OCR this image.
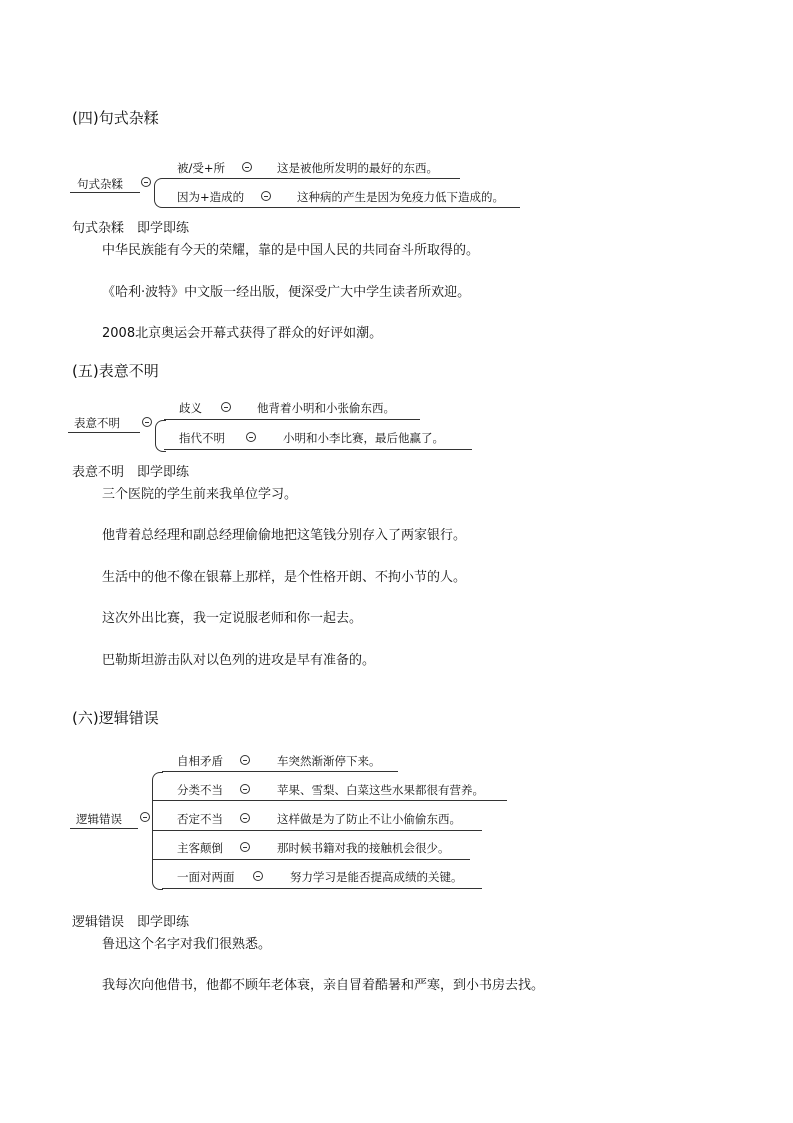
(四)句式杂糅
句式杂糅
被/受+所	这是被他所发明的最好的东西。
因为+造成的	这种病的产生是因为免疫力低下造成的。
句式杂糅　即学即练
中华民族能有今天的荣耀，靠的是中国人民的共同奋斗所取得的。
《哈利·波特》中文版一经出版，便深受广大中学生读者所欢迎。
2008北京奥运会开幕式获得了群众的好评如潮。
(五)表意不明
表意不明
歧义	他背着小明和小张偷东西。
指代不明	小明和小李比赛，最后他赢了。
表意不明　即学即练
三个医院的学生前来我单位学习。
他背着总经理和副总经理偷偷地把这笔钱分别存入了两家银行。
生活中的他不像在银幕上那样，是个性格开朗、不拘小节的人。
这次外出比赛，我一定说服老师和你一起去。
巴勒斯坦游击队对以色列的进攻是早有准备的。
(六)逻辑错误
逻辑错误
自相矛盾	车突然渐渐停下来。
分类不当	苹果、雪梨、白菜这些水果都很有营养。
否定不当	这样做是为了防止不让小偷偷东西。
主客颠倒	那时候书籍对我的接触机会很少。
一面对两面	努力学习是能否提高成绩的关键。
逻辑错误　即学即练
鲁迅这个名字对我们很熟悉。
我每次向他借书，他都不顾年老体衰，亲自冒着酷暑和严寒，到小书房去找。
